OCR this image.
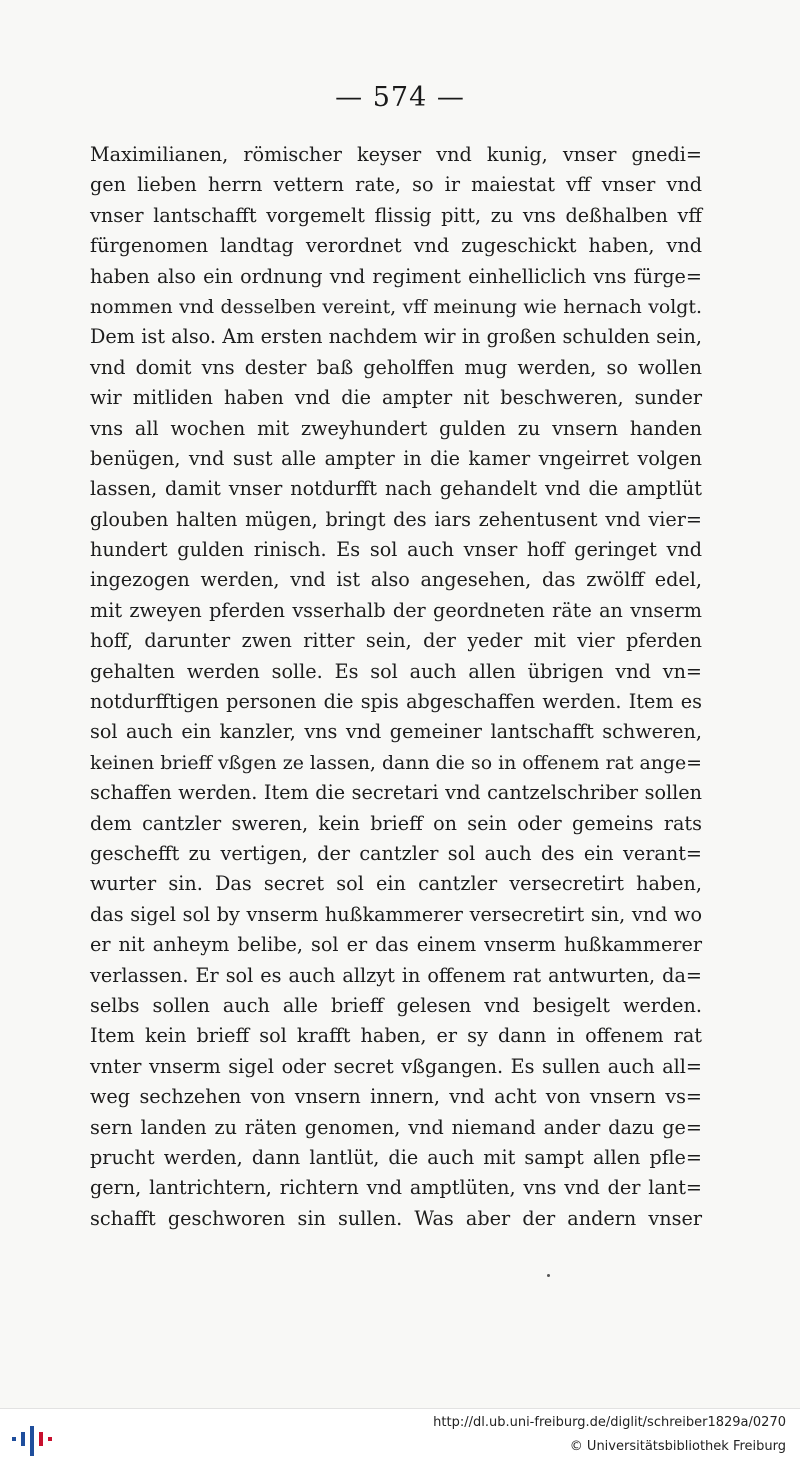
— 574 —
Maximilianen, römischer keyser vnd kunig, vnser gnedi=
gen lieben herrn vettern rate, so ir maiestat vff vnser vnd
vnser lantschafft vorgemelt flissig pitt, zu vns deßhalben vff
fürgenomen landtag verordnet vnd zugeschickt haben, vnd
haben also ein ordnung vnd regiment einhelliclich vns fürge=
nommen vnd desselben vereint, vff meinung wie hernach volgt.
Dem ist also. Am ersten nachdem wir in großen schulden sein,
vnd domit vns dester baß geholffen mug werden, so wollen
wir mitliden haben vnd die ampter nit beschweren, sunder
vns all wochen mit zweyhundert gulden zu vnsern handen
benügen, vnd sust alle ampter in die kamer vngeirret volgen
lassen, damit vnser notdurfft nach gehandelt vnd die amptlüt
glouben halten mügen, bringt des iars zehentusent vnd vier=
hundert gulden rinisch. Es sol auch vnser hoff geringet vnd
ingezogen werden, vnd ist also angesehen, das zwölff edel,
mit zweyen pferden vsserhalb der geordneten räte an vnserm
hoff, darunter zwen ritter sein, der yeder mit vier pferden
gehalten werden solle. Es sol auch allen übrigen vnd vn=
notdurfftigen personen die spis abgeschaffen werden. Item es
sol auch ein kanzler, vns vnd gemeiner lantschafft schweren,
keinen brieff vßgen ze lassen, dann die so in offenem rat ange=
schaffen werden. Item die secretari vnd cantzelschriber sollen
dem cantzler sweren, kein brieff on sein oder gemeins rats
geschefft zu vertigen, der cantzler sol auch des ein verant=
wurter sin. Das secret sol ein cantzler versecretirt haben,
das sigel sol by vnserm hußkammerer versecretirt sin, vnd wo
er nit anheym belibe, sol er das einem vnserm hußkammerer
verlassen. Er sol es auch allzyt in offenem rat antwurten, da=
selbs sollen auch alle brieff gelesen vnd besigelt werden.
Item kein brieff sol krafft haben, er sy dann in offenem rat
vnter vnserm sigel oder secret vßgangen. Es sullen auch all=
weg sechzehen von vnsern innern, vnd acht von vnsern vs=
sern landen zu räten genomen, vnd niemand ander dazu ge=
prucht werden, dann lantlüt, die auch mit sampt allen pfle=
gern, lantrichtern, richtern vnd amptlüten, vns vnd der lant=
schafft geschworen sin sullen. Was aber der andern vnser
http://dl.ub.uni-freiburg.de/diglit/schreiber1829a/0270
© Universitätsbibliothek Freiburg
